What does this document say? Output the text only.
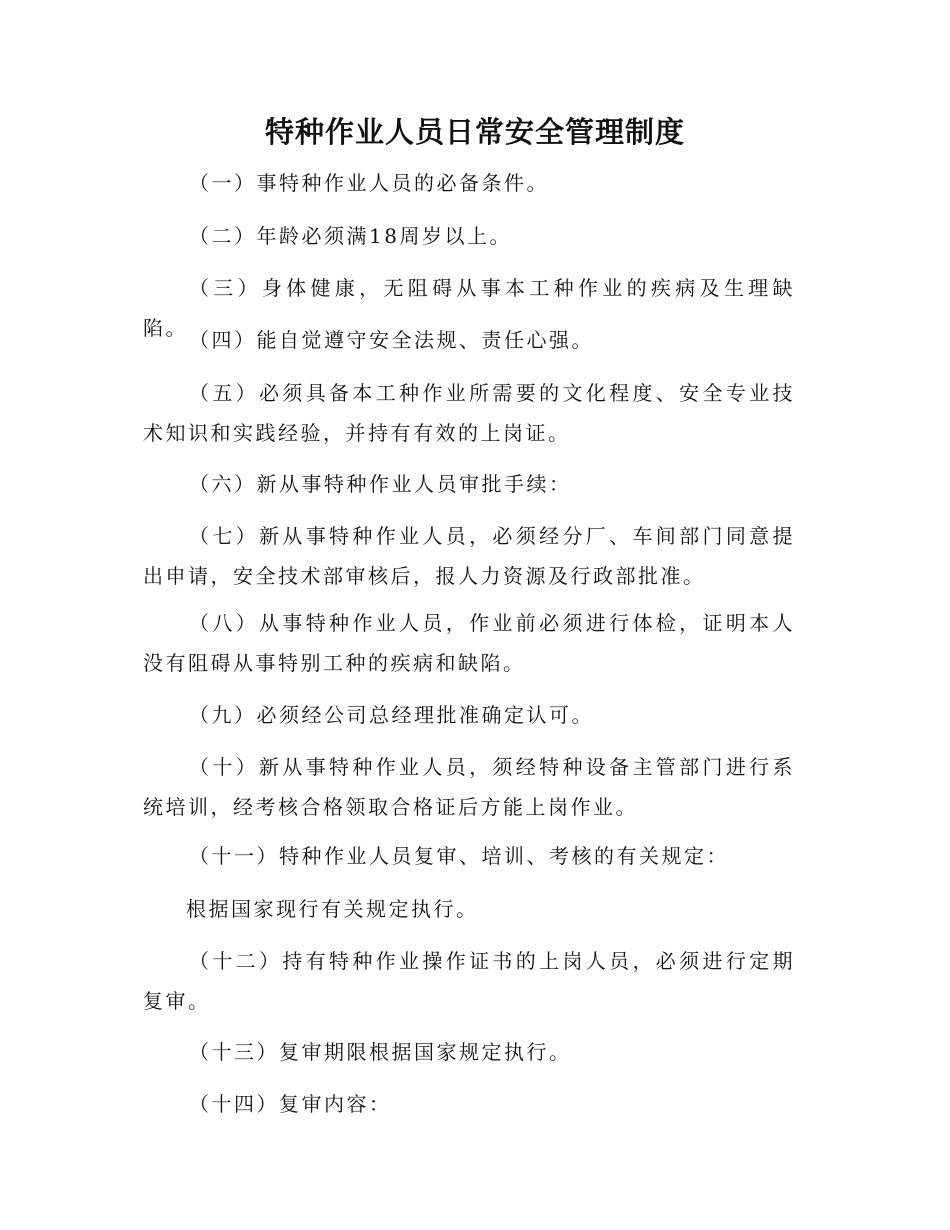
特种作业人员日常安全管理制度

（一）事特种作业人员的必备条件。

（二）年龄必须满18周岁以上。

（三）身体健康，无阻碍从事本工种作业的疾病及生理缺陷。 （四）能自觉遵守安全法规、责任心强。

（五）必须具备本工种作业所需要的文化程度、安全专业技术知识和实践经验，并持有有效的上岗证。

（六）新从事特种作业人员审批手续：

（七）新从事特种作业人员，必须经分厂、车间部门同意提出申请，安全技术部审核后，报人力资源及行政部批准。

（八）从事特种作业人员，作业前必须进行体检，证明本人没有阻碍从事特别工种的疾病和缺陷。

（九）必须经公司总经理批准确定认可。

（十）新从事特种作业人员，须经特种设备主管部门进行系统培训，经考核合格领取合格证后方能上岗作业。

（十一）特种作业人员复审、培训、考核的有关规定：

根据国家现行有关规定执行。

（十二）持有特种作业操作证书的上岗人员，必须进行定期复审。

（十三）复审期限根据国家规定执行。

（十四）复审内容：
